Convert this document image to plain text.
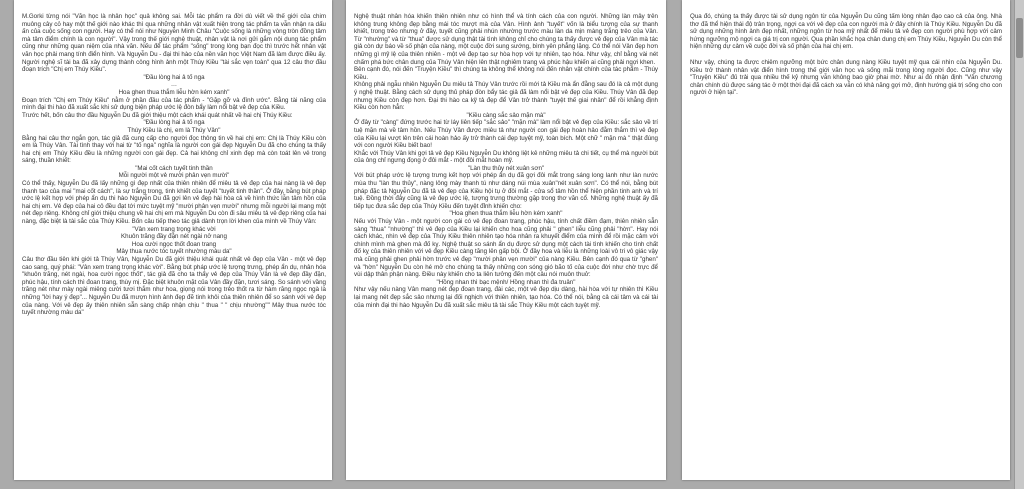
M.Gorki từng nói "Văn học là nhân học" quả không sai. Mỗi tác phẩm ra đời dù viết về thế giới của chim muông cây cỏ hay một thế giới nào khác thì qua những nhân vật xuất hiện trong tác phẩm ta vẫn nhận ra dấu ấn của cuộc sống con người. Hay có thể nói như Nguyễn Minh Châu "Cuộc sống là những vòng tròn đồng tâm mà tâm điểm chính là con người". Vậy trong thế giới nghệ thuật, nhân vật là nơi gửi gắm nội dung tác phẩm cũng như những quan niệm của nhà văn. Nếu để tác phẩm "sống" trong lòng bạn đọc thì trước hết nhân vật văn học phải mang tính điển hình. Và Nguyễn Du - đại thi hào của nền văn học Việt Nam đã làm được điều ấy. Người nghệ sĩ tài ba đã xây dựng thành công hình ảnh một Thúy Kiều "tài sắc vẹn toàn" qua 12 câu thơ đầu đoạn trích "Chị em Thúy Kiều".

"Đầu lòng hai ả tố nga

…

Hoa ghen thua thắm liễu hờn kém xanh"

Đoạn trích "Chị em Thúy Kiều" nằm ở phần đầu của tác phẩm - "Gặp gỡ và đính ước". Bằng tài năng của mình đại thi hào đã xuất sắc khi sử dụng biện pháp ước lệ đòn bẩy làm nổi bật vẻ đẹp của Kiều.

Trước hết, bốn câu thơ đầu Nguyễn Du đã giới thiệu một cách khái quát nhất về hai chị Thúy Kiều:

"Đầu lòng hai ả tố nga

Thúy Kiều là chị, em là Thúy Vân"

Bằng hai câu thơ ngắn gọn, tác giả đã cung cấp cho người đọc thông tin về hai chị em: Chị là Thúy Kiều còn em là Thúy Vân. Tài tình thay với hai từ "tố nga" nghĩa là người con gái đẹp Nguyễn Du đã cho chúng ta thấy hai chị em Thúy Kiều đều là những người con gái đẹp. Cả hai không chỉ xinh đẹp mà còn toát lên vẻ trong sáng, thuần khiết:

"Mai cốt cách tuyết tinh thần

Mỗi người một vẻ mười phân vẹn mười"

Có thể thấy, Nguyễn Du đã lấy những gì đẹp nhất của thiên nhiên để miêu tả vẻ đẹp của hai nàng là vẻ đẹp thanh tao của mai "mai cốt cách", là sự trắng trong, tinh khiết của tuyết "tuyết tinh thần". Ở đây, bằng bút pháp ước lệ kết hợp với phép ẩn dụ thi hào Nguyễn Du đã gợi lên vẻ đẹp hài hòa cả về hình thức lẫn tâm hồn của hai chị em. Vẻ đẹp của hai cô đều đạt tới mức tuyệt mỹ "mười phân vẹn mười" nhưng mỗi người lại mang một nét đẹp riêng. Không chỉ giới thiệu chung về hai chị em mà Nguyễn Du còn đi sâu miêu tả vẻ đẹp riêng của hai nàng, đặc biệt là tài sắc của Thúy Kiều. Bốn câu tiếp theo tác giả dành trọn lời khen của mình về Thúy Vân:

"Vân xem trang trọng khác vời

Khuôn trăng đầy đặn nét ngài nở nang

Hoa cười ngọc thốt đoan trang

Mây thua nước tóc tuyết nhường màu da"

Câu thơ đầu tiên khi giới tả Thúy Vân, Nguyễn Du đã giới thiệu khái quát nhất vẻ đẹp của Vân - một vẻ đẹp cao sang, quý phái: "Vân xem trang trọng khác vời". Bằng bút pháp ước lệ tượng trưng, phép ẩn dụ, nhân hóa "khuôn trăng, nét ngài, hoa cười ngọc thốt", tác giả đã cho ta thấy vẻ đẹp của Thúy Vân là vẻ đẹp đầy đặn, phúc hậu, tính cách thì đoan trang, thùy mị. Đặc biệt khuôn mặt của Vân đầy đặn, tươi sáng. So sánh với vầng trăng nét như mày ngài miêng cười tươi thắm như hoa, giọng nói trong trẻo thốt ra từ hàm răng ngọc ngà là những "lời hay ý đẹp"... Nguyễn Du đã mượn hình ảnh đẹp đẽ tinh khôi của thiên nhiên để so sánh với vẻ đẹp của nàng. Với vẻ đẹp ấy thiên nhiên sẵn sàng chấp nhận chịu " thua " " chịu nhường"" Mây thua nước tóc tuyết nhường màu da"

Nghệ thuật nhân hóa khiến thiên nhiên như có hình thể và tính cách của con người. Những làn mây trên không trung không đẹp bằng mái tóc mượt mà của Vân. Hình ảnh "tuyết" vốn là biểu tượng của sự thanh khiết, trong trẻo nhưng ở đây, tuyết cũng phải nhún nhường trước màu làn da mịn màng trắng trẻo của Vân. Từ "nhường" và từ "thua" được sử dụng thật tài tình không chỉ cho chúng ta thấy được vẻ đẹp của Vân mà tác giả còn dự báo về số phận của nàng, một cuộc đời sung sướng, bình yên phẳng lặng. Có thể nói Vân đẹp hơn những gì mỹ lệ của thiên nhiên - một vẻ đẹp tạo sự hòa hợp với tự nhiên, tạo hóa. Như vậy, chỉ bằng vài nét chấm phá bức chân dung của Thúy Vân hiện lên thật nghiêm trang và phúc hậu khiến ai cũng phải ngợi khen.

Bên cạnh đó, nói đến "Truyện Kiều" thì chúng ta không thể không nói đến nhân vật chính của tác phẩm - Thúy Kiều.

Không phải ngẫu nhiên Nguyễn Du miêu tả Thúy Vân trước rồi mới tả Kiều mà ẩn đằng sau đó là cả một dụng ý nghệ thuật. Bằng cách sử dụng thủ pháp đòn bẩy tác giả đã làm nổi bật vẻ đẹp của Kiều. Thúy Vân đã đẹp nhưng Kiều còn đẹp hơn. Đại thi hào ca kỹ tả đẹp để Vân trở thành "tuyệt thế giai nhân" để rồi khẳng định Kiều còn hơn hẳn:

"Kiều càng sắc sảo mặn mà"

Ở đây từ "càng" đứng trước hai từ láy liên tiếp "sắc sảo" "mặn mà" làm nổi bật vẻ đẹp của Kiều: sắc sảo về trí tuệ mặn mà về tâm hồn. Nếu Thúy Vân được miêu tả như người con gái đẹp hoàn hảo đằm thắm thì vẻ đẹp của Kiều lại vượt lên trên cái hoàn hảo ấy trở thành cái đẹp tuyệt mỹ, toàn bích. Một chữ " mặn mà " thật đúng với con người Kiều biết bao!

Khắc với Thúy Vân khi gợi tả vẻ đẹp Kiều Nguyễn Du không liệt kê những miêu tả chi tiết, cụ thể mà người bút của ông chỉ ngưng đọng ở đôi mắt - một đôi mắt hoàn mỹ.

"Làn thu thủy nét xuân sơn"

Với bút pháp ước lệ tượng trưng kết hợp với phép ẩn dụ đã gợi đôi mắt trong sáng long lanh như làn nước mùa thu "làn thu thủy", nàng lông mày thanh tú như dáng núi mùa xuân"nét xuân sơn". Có thể nói, bằng bút pháp đặc tả Nguyễn Du đã tả vẻ đẹp của Kiều hội tụ ở đôi mắt - cửa sổ tâm hồn thể hiện phần tinh anh và trí tuệ. Đồng thời đây cũng là vẻ đẹp ước lệ, tượng trưng thường gặp trong thơ văn cổ. Những nghệ thuật ấy đã tiếp tục đưa sắc đẹp của Thúy Kiều đến tuyệt đỉnh khiến cho:

"Hoa ghen thua thắm liễu hờn kém xanh"

Nếu với Thúy Vân - một người con gái có vẻ đẹp đoan trang, phúc hậu, tính chất điềm đạm, thiên nhiên sẵn sàng "thua" "nhường" thì vẻ đẹp của Kiều lại khiến cho hoa cũng phải " ghen" liễu cũng phải "hờn". Hay nói cách khác, nhìn vẻ đẹp của Thúy Kiều thiên nhiên tạo hóa nhân ra khuyết điểm của mình để rồi mặc cảm với chính mình mà ghen mà đố kỵ. Nghệ thuật so sánh ẩn dụ được sử dụng một cách tài tình khiến cho tình chất đố kỵ của thiên nhiên với vẻ đẹp Kiều càng tăng lên gấp bội. Ở đây hoa và liễu là những loài vô tri vô giác vậy mà cũng phải ghen phải hờn trước vẻ đẹp "mười phân vẹn mười" của nàng Kiều. Bên cạnh đó qua từ "ghen" và "hờn" Nguyễn Du còn hé mở cho chúng ta thấy những con sóng gió bão tố của cuộc đời như chờ trực để vùi dập thân phận nàng. Điều này khiến cho ta liên tưởng đến một câu nói muôn thuở:

"Hồng nhan thì bạc mệnh/ Hồng nhan thì đa truân"

Như vậy nếu nàng Vân mang nét đẹp đoan trang, đài các, một vẻ đẹp dịu dàng, hài hòa với tự nhiên thì Kiều lại mang nét đẹp sắc sảo nhưng lại đối nghịch với thiên nhiên, tạo hóa. Có thể nói, bằng cả cái tâm và cái tài của mình đại thi hào Nguyễn Du đã xuất sắc miêu tả tài sắc Thúy Kiều một cách tuyệt mỹ.

Qua đó, chúng ta thấy được tài sử dụng ngôn từ của Nguyễn Du cũng tấm lòng nhân đạo cao cả của ông. Nhà thơ đã thể hiện thái độ trân trọng, ngợi ca với vẻ đẹp của con người mà ở đây chính là Thúy Kiều. Nguyễn Du đã sử dụng những hình ảnh đẹp nhất, những ngôn từ hoa mỹ nhất để miêu tả vẻ đẹp con người phù hợp với cảm hứng ngưỡng mộ ngợi ca giá trị con người. Qua phần khắc họa chân dung chị em Thúy Kiều, Nguyễn Du còn thể hiện những dự cảm về cuộc đời và số phận của hai chị em.

Như vậy, chúng ta được chiêm ngưỡng một bức chân dung nàng Kiều tuyệt mỹ qua cái nhìn của Nguyễn Du. Kiều trở thành nhân vật điển hình trong thế giới văn học và sống mãi trong lòng người đọc. Cũng như vậy "Truyện Kiều" đủ trải qua nhiều thế kỷ nhưng vẫn không bao giờ phai mờ. Như ai đó nhận định "Văn chương chân chính dù được sáng tác ở một thời đại đã cách xa vẫn có khả năng gợi mở, định hướng giá trị sống cho con người ở hiện tại".
